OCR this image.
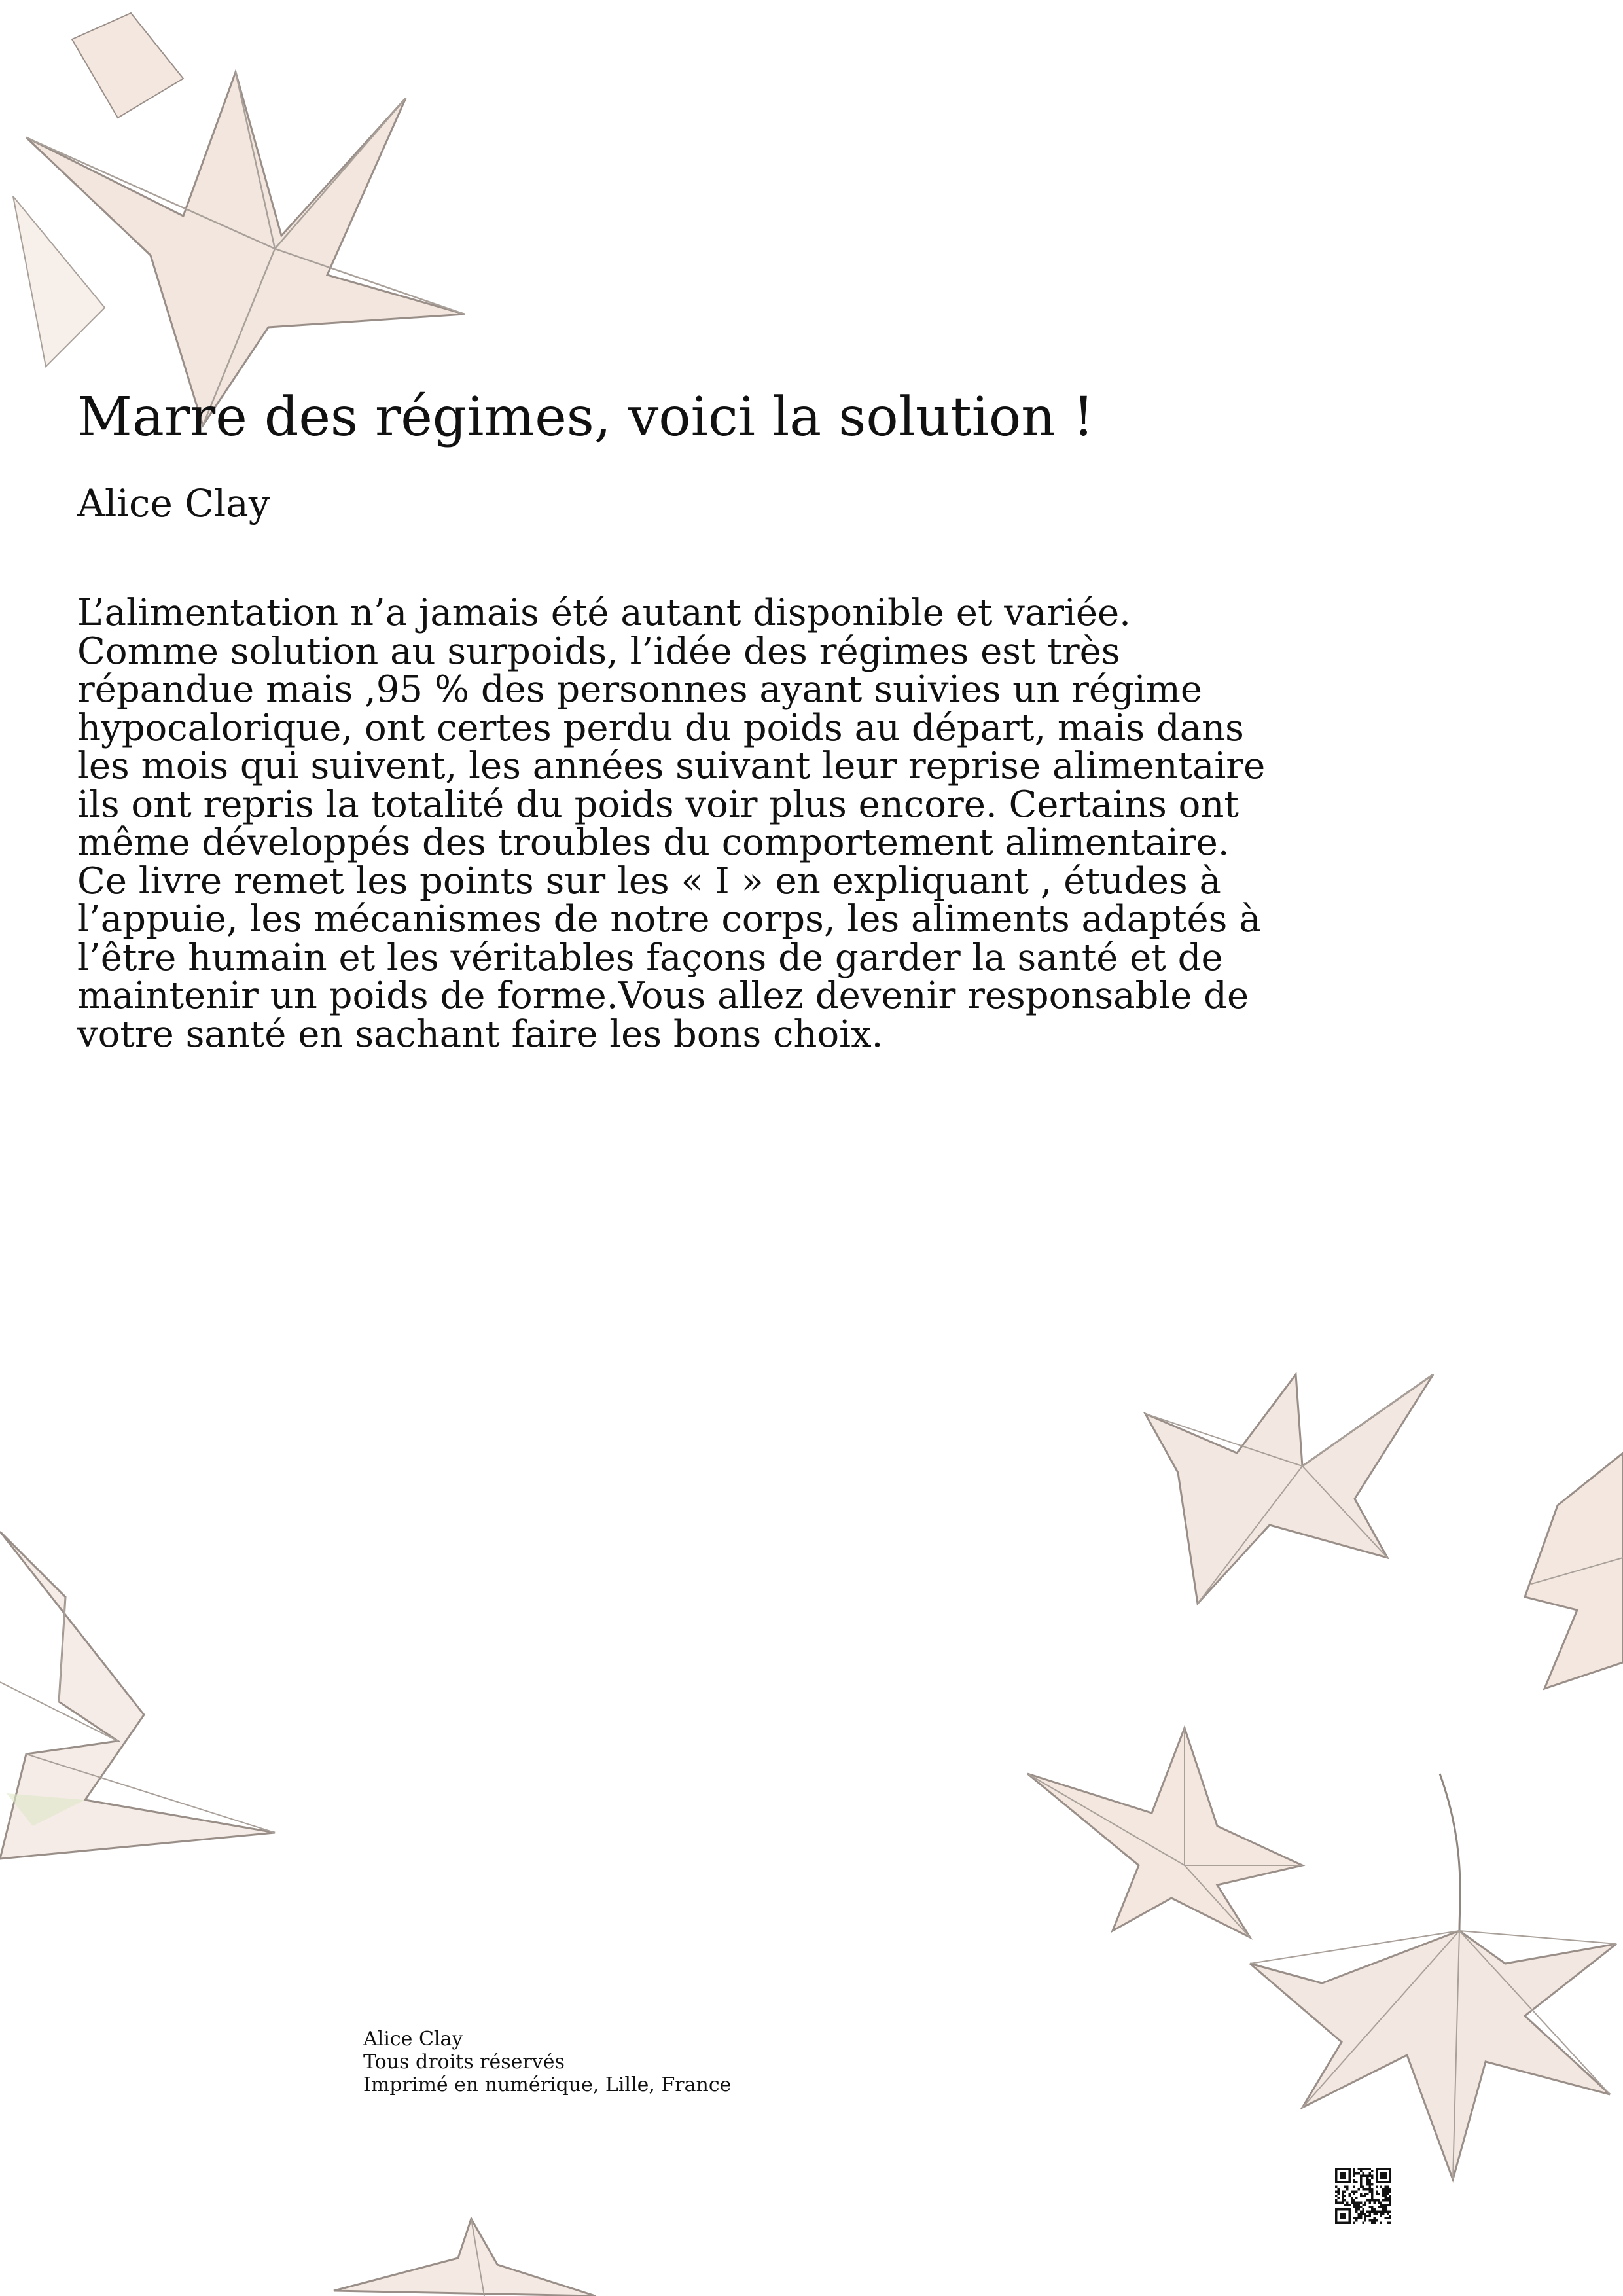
Marre des régimes, voici la solution !

Alice Clay

L’alimentation n’a jamais été autant disponible et variée. Comme solution au surpoids, l’idée des régimes est très répandue mais ,95 % des personnes ayant suivies un régime hypocalorique, ont certes perdu du poids au départ, mais dans les mois qui suivent, les années suivant leur reprise alimentaire ils ont repris la totalité du poids voir plus encore. Certains ont même développés des troubles du comportement alimentaire. Ce livre remet les points sur les « I » en expliquant , études à l’appuie, les mécanismes de notre corps, les aliments adaptés à l’être humain et les véritables façons de garder la santé et de maintenir un poids de forme.Vous allez devenir responsable de votre santé en sachant faire les bons choix.

Alice Clay
Tous droits réservés
Imprimé en numérique, Lille, France
